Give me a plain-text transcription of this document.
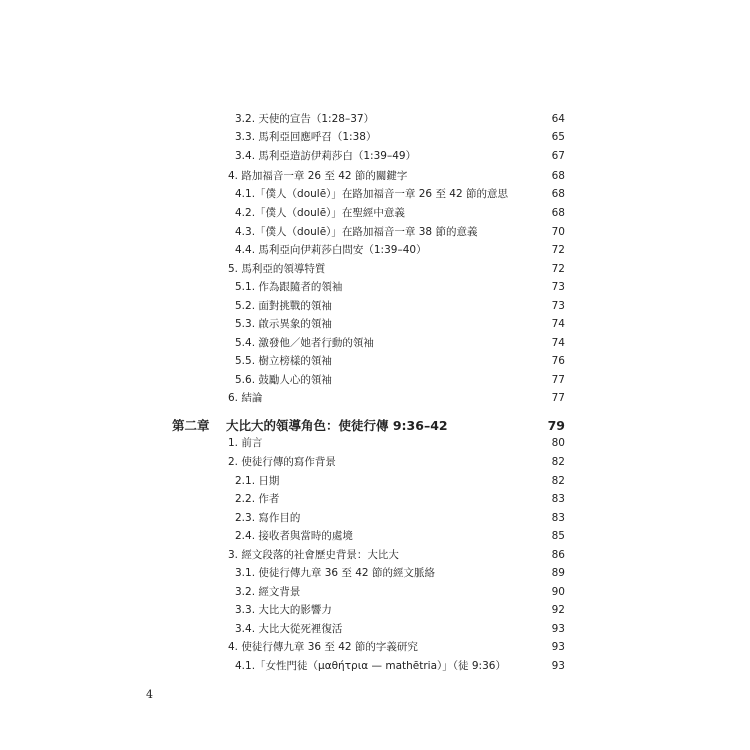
3.2. 天使的宣告（1:28–37）	64
3.3. 馬利亞回應呼召（1:38）	65
3.4. 馬利亞造訪伊莉莎白（1:39–49）	67
4. 路加福音一章 26 至 42 節的關鍵字	68
4.1.「僕人（doulē）」在路加福音一章 26 至 42 節的意思	68
4.2.「僕人（doulē）」在聖經中意義	68
4.3.「僕人（doulē）」在路加福音一章 38 節的意義	70
4.4. 馬利亞向伊莉莎白問安（1:39–40）	72
5. 馬利亞的領導特質	72
5.1. 作為跟隨者的領袖	73
5.2. 面對挑戰的領袖	73
5.3. 啟示異象的領袖	74
5.4. 激發他／她者行動的領袖	74
5.5. 樹立榜樣的領袖	76
5.6. 鼓勵人心的領袖	77
6. 結論	77
第二章 大比大的領導角色：使徒行傳 9:36–42	79
1. 前言	80
2. 使徒行傳的寫作背景	82
2.1. 日期	82
2.2. 作者	83
2.3. 寫作目的	83
2.4. 接收者與當時的處境	85
3. 經文段落的社會歷史背景：大比大	86
3.1. 使徒行傳九章 36 至 42 節的經文脈絡	89
3.2. 經文背景	90
3.3. 大比大的影響力	92
3.4. 大比大從死裡復活	93
4. 使徒行傳九章 36 至 42 節的字義研究	93
4.1.「女性門徒（μαθήτρια — mathētria）」（徒 9:36）	93
4
